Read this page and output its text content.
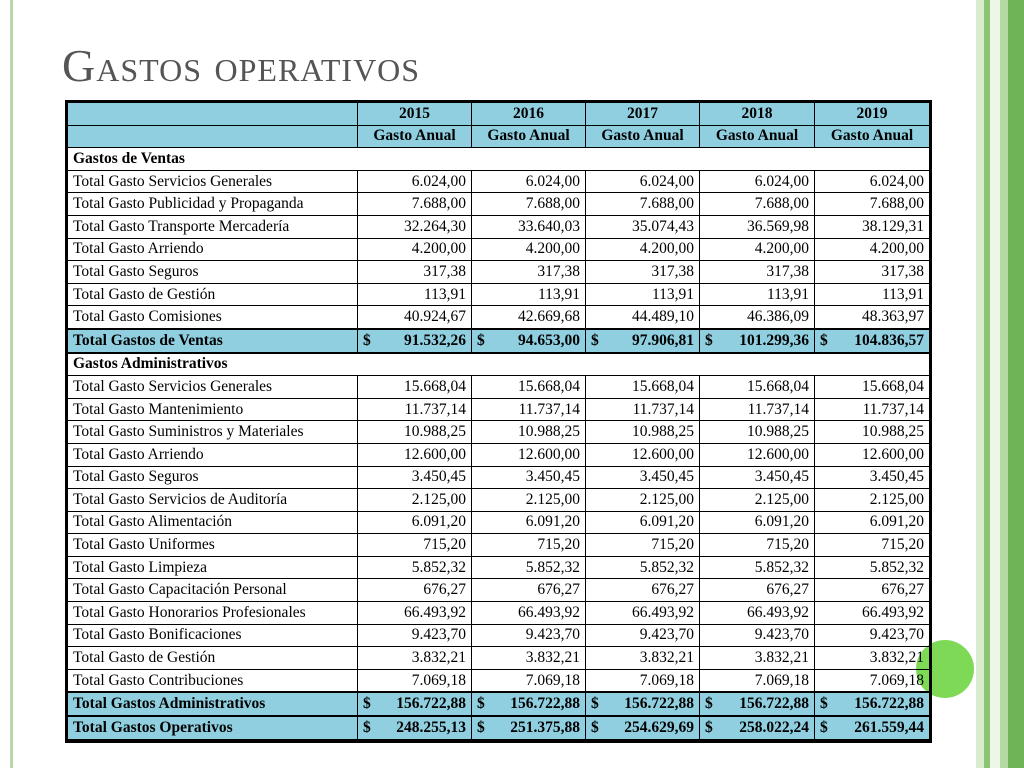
Gastos operativos
	2015	2016	2017	2018	2019
	Gasto Anual	Gasto Anual	Gasto Anual	Gasto Anual	Gasto Anual
Gastos de Ventas					
Total Gasto Servicios Generales	6.024,00	6.024,00	6.024,00	6.024,00	6.024,00
Total Gasto Publicidad y Propaganda	7.688,00	7.688,00	7.688,00	7.688,00	7.688,00
Total Gasto Transporte Mercadería	32.264,30	33.640,03	35.074,43	36.569,98	38.129,31
Total Gasto Arriendo	4.200,00	4.200,00	4.200,00	4.200,00	4.200,00
Total Gasto Seguros	317,38	317,38	317,38	317,38	317,38
Total Gasto de Gestión	113,91	113,91	113,91	113,91	113,91
Total Gasto Comisiones	40.924,67	42.669,68	44.489,10	46.386,09	48.363,97
Total Gastos de Ventas	$ 91.532,26	$ 94.653,00	$ 97.906,81	$ 101.299,36	$ 104.836,57
Gastos Administrativos					
Total Gasto Servicios Generales	15.668,04	15.668,04	15.668,04	15.668,04	15.668,04
Total Gasto Mantenimiento	11.737,14	11.737,14	11.737,14	11.737,14	11.737,14
Total Gasto Suministros y Materiales	10.988,25	10.988,25	10.988,25	10.988,25	10.988,25
Total Gasto Arriendo	12.600,00	12.600,00	12.600,00	12.600,00	12.600,00
Total Gasto Seguros	3.450,45	3.450,45	3.450,45	3.450,45	3.450,45
Total Gasto Servicios de Auditoría	2.125,00	2.125,00	2.125,00	2.125,00	2.125,00
Total Gasto Alimentación	6.091,20	6.091,20	6.091,20	6.091,20	6.091,20
Total Gasto Uniformes	715,20	715,20	715,20	715,20	715,20
Total Gasto Limpieza	5.852,32	5.852,32	5.852,32	5.852,32	5.852,32
Total Gasto Capacitación Personal	676,27	676,27	676,27	676,27	676,27
Total Gasto Honorarios Profesionales	66.493,92	66.493,92	66.493,92	66.493,92	66.493,92
Total Gasto Bonificaciones	9.423,70	9.423,70	9.423,70	9.423,70	9.423,70
Total Gasto de Gestión	3.832,21	3.832,21	3.832,21	3.832,21	3.832,21
Total Gasto Contribuciones	7.069,18	7.069,18	7.069,18	7.069,18	7.069,18
Total Gastos Administrativos	$ 156.722,88	$ 156.722,88	$ 156.722,88	$ 156.722,88	$ 156.722,88
Total Gastos Operativos	$ 248.255,13	$ 251.375,88	$ 254.629,69	$ 258.022,24	$ 261.559,44
